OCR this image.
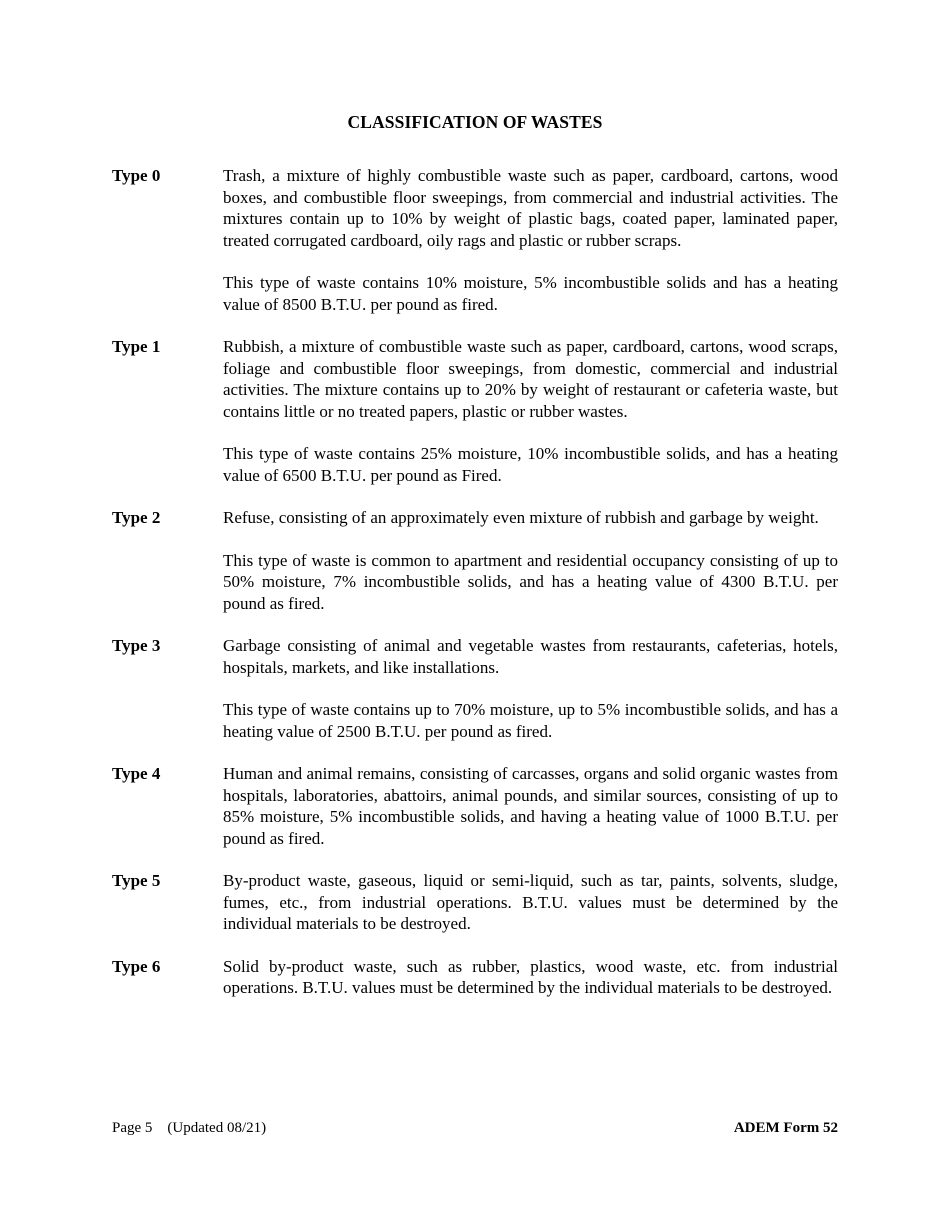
CLASSIFICATION OF WASTES
Type 0	Trash, a mixture of highly combustible waste such as paper, cardboard, cartons, wood boxes, and combustible floor sweepings, from commercial and industrial activities. The mixtures contain up to 10% by weight of plastic bags, coated paper, laminated paper, treated corrugated cardboard, oily rags and plastic or rubber scraps.

This type of waste contains 10% moisture, 5% incombustible solids and has a heating value of 8500 B.T.U. per pound as fired.

Type 1	Rubbish, a mixture of combustible waste such as paper, cardboard, cartons, wood scraps, foliage and combustible floor sweepings, from domestic, commercial and industrial activities. The mixture contains up to 20% by weight of restaurant or cafeteria waste, but contains little or no treated papers, plastic or rubber wastes.

This type of waste contains 25% moisture, 10% incombustible solids, and has a heating value of 6500 B.T.U. per pound as Fired.

Type 2	Refuse, consisting of an approximately even mixture of rubbish and garbage by weight.

This type of waste is common to apartment and residential occupancy consisting of up to 50% moisture, 7% incombustible solids, and has a heating value of 4300 B.T.U. per pound as fired.

Type 3	Garbage consisting of animal and vegetable wastes from restaurants, cafeterias, hotels, hospitals, markets, and like installations.

This type of waste contains up to 70% moisture, up to 5% incombustible solids, and has a heating value of 2500 B.T.U. per pound as fired.

Type 4	Human and animal remains, consisting of carcasses, organs and solid organic wastes from hospitals, laboratories, abattoirs, animal pounds, and similar sources, consisting of up to 85% moisture, 5% incombustible solids, and having a heating value of 1000 B.T.U. per pound as fired.

Type 5	By-product waste, gaseous, liquid or semi-liquid, such as tar, paints, solvents, sludge, fumes, etc., from industrial operations. B.T.U. values must be determined by the individual materials to be destroyed.

Type 6	Solid by-product waste, such as rubber, plastics, wood waste, etc. from industrial operations. B.T.U. values must be determined by the individual materials to be destroyed.

Page 5    (Updated 08/21)	ADEM Form 52
